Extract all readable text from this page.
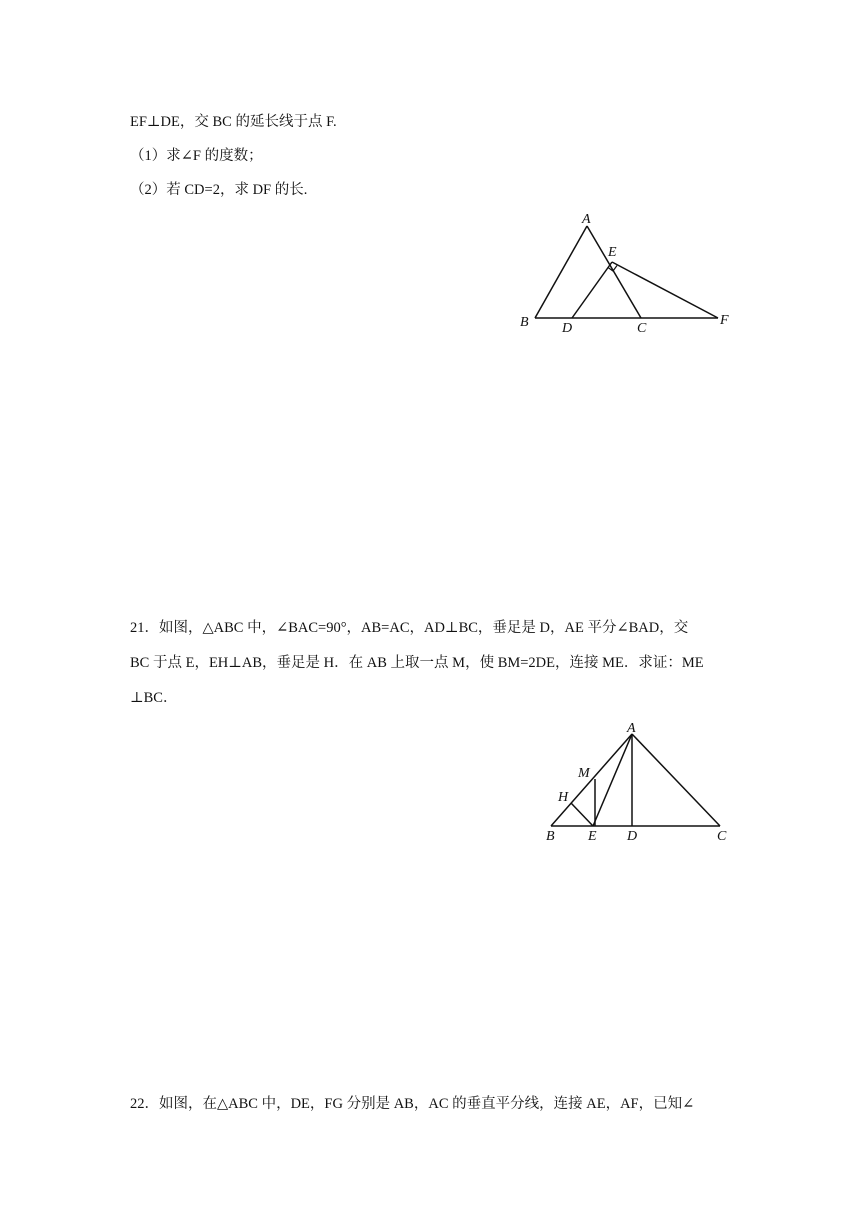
EF⊥DE，交 BC 的延长线于点 F.
（1）求∠F 的度数；
（2）若 CD=2，求 DF 的长.
A
B D	C
E
F
21．如图，△ABC 中，∠BAC=90°，AB=AC，AD⊥BC，垂足是 D，AE 平分∠BAD，交
BC 于点 E，EH⊥AB，垂足是 H．在 AB 上取一点 M，使 BM=2DE，连接 ME．求证：ME
⊥BC．
A
M
H
B E D	C
22．如图，在△ABC 中，DE，FG 分别是 AB，AC 的垂直平分线，连接 AE，AF，已知∠
